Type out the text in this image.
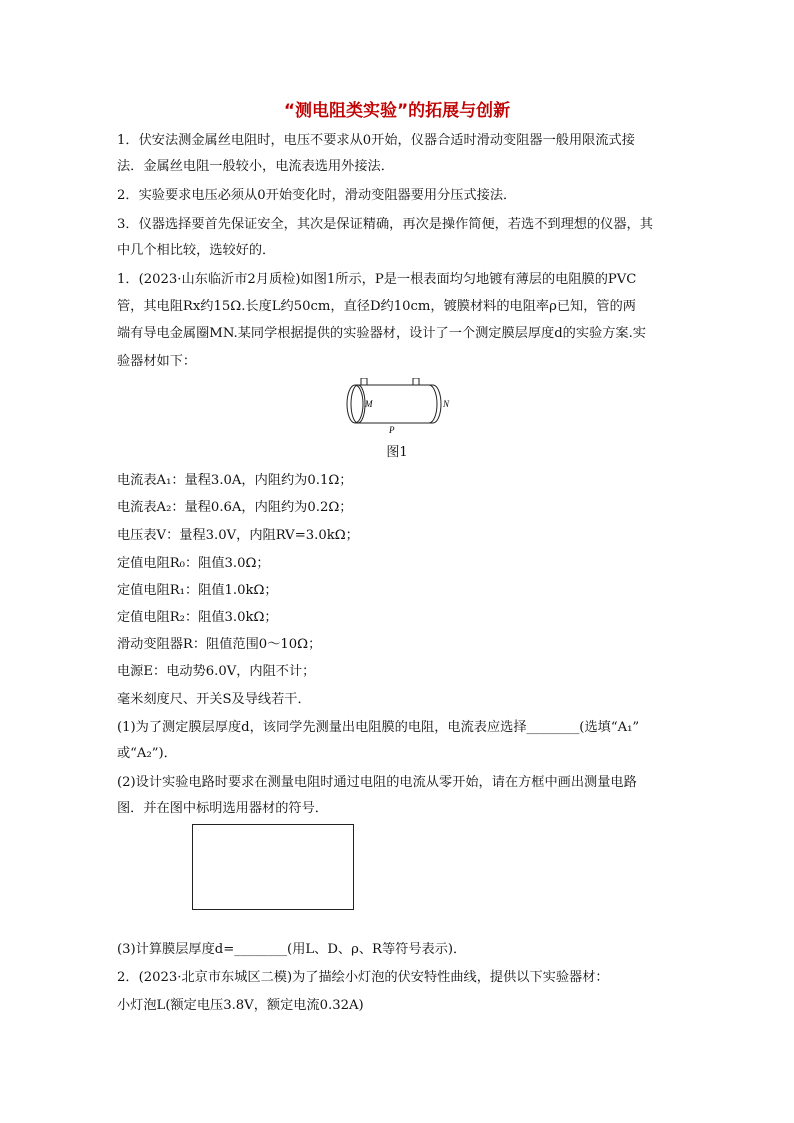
“测电阻类实验”的拓展与创新
1．伏安法测金属丝电阻时，电压不要求从0开始，仪器合适时滑动变阻器一般用限流式接
法．金属丝电阻一般较小，电流表选用外接法．
2．实验要求电压必须从0开始变化时，滑动变阻器要用分压式接法．
3．仪器选择要首先保证安全，其次是保证精确，再次是操作简便，若选不到理想的仪器，其
中几个相比较，选较好的．
1．(2023·山东临沂市2月质检)如图1所示，P是一根表面均匀地镀有薄层的电阻膜的PVC
管，其电阻Rx约15Ω.长度L约50cm，直径D约10cm，镀膜材料的电阻率ρ已知，管的两
端有导电金属圈MN.某同学根据提供的实验器材，设计了一个测定膜层厚度d的实验方案.实
验器材如下：
M	N
P
图1
电流表A₁：量程3.0A，内阻约为0.1Ω；
电流表A₂：量程0.6A，内阻约为0.2Ω；
电压表V：量程3.0V，内阻RV=3.0kΩ；
定值电阻R₀：阻值3.0Ω；
定值电阻R₁：阻值1.0kΩ；
定值电阻R₂：阻值3.0kΩ；
滑动变阻器R：阻值范围0～10Ω；
电源E：电动势6.0V，内阻不计；
毫米刻度尺、开关S及导线若干．
(1)为了测定膜层厚度d，该同学先测量出电阻膜的电阻，电流表应选择________(选填“A₁”
或“A₂”)．
(2)设计实验电路时要求在测量电阻时通过电阻的电流从零开始，请在方框中画出测量电路
图．并在图中标明选用器材的符号．
(3)计算膜层厚度d=________(用L、D、ρ、R等符号表示)．
2．(2023·北京市东城区二模)为了描绘小灯泡的伏安特性曲线，提供以下实验器材：
小灯泡L(额定电压3.8V，额定电流0.32A)
